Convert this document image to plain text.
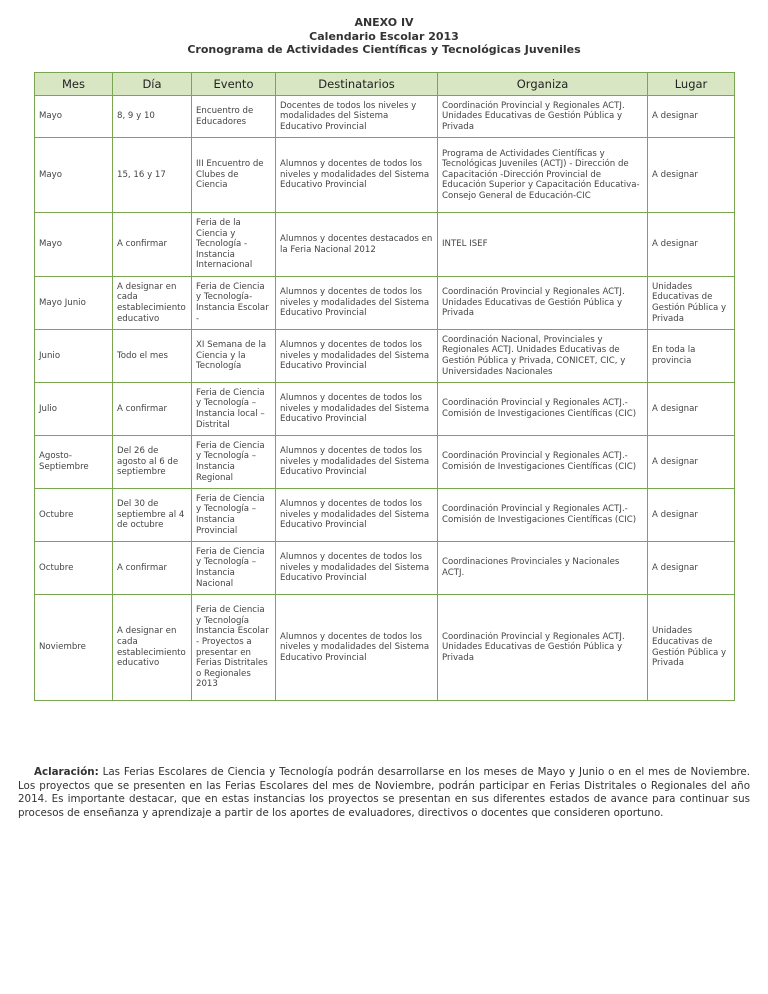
ANEXO IV
Calendario Escolar 2013
Cronograma de Actividades Científicas y Tecnológicas Juveniles
Mes	Día	Evento	Destinatarios	Organiza	Lugar
Mayo	8, 9 y 10	Encuentro de Educadores	Docentes de todos los niveles y modalidades del Sistema Educativo Provincial	Coordinación Provincial y Regionales ACTJ. Unidades Educativas de Gestión Pública y Privada	A designar
Mayo	15, 16 y 17	III Encuentro de Clubes de Ciencia	Alumnos y docentes de todos los niveles y modalidades del Sistema Educativo Provincial	Programa de Actividades Científicas y Tecnológicas Juveniles (ACTJ) - Dirección de Capacitación -Dirección Provincial de Educación Superior y Capacitación Educativa- Consejo General de Educación-CIC	A designar
Mayo	A confirmar	Feria de la Ciencia y Tecnología - Instancia Internacional	Alumnos y docentes destacados en la Feria Nacional 2012	INTEL ISEF	A designar
Mayo Junio	A designar en cada establecimiento educativo	Feria de Ciencia y Tecnología- Instancia Escolar -	Alumnos y docentes de todos los niveles y modalidades del Sistema Educativo Provincial	Coordinación Provincial y Regionales ACTJ. Unidades Educativas de Gestión Pública y Privada	Unidades Educativas de Gestión Pública y Privada
Junio	Todo el mes	XI Semana de la Ciencia y la Tecnología	Alumnos y docentes de todos los niveles y modalidades del Sistema Educativo Provincial	Coordinación Nacional, Provinciales y Regionales ACTJ. Unidades Educativas de Gestión Pública y Privada, CONICET, CIC, y Universidades Nacionales	En toda la provincia
Julio	A confirmar	Feria de Ciencia y Tecnología – Instancia local – Distrital	Alumnos y docentes de todos los niveles y modalidades del Sistema Educativo Provincial	Coordinación Provincial y Regionales ACTJ.- Comisión de Investigaciones Científicas (CIC)	A designar
Agosto- Septiembre	Del 26 de agosto al 6 de septiembre	Feria de Ciencia y Tecnología – Instancia Regional	Alumnos y docentes de todos los niveles y modalidades del Sistema Educativo Provincial	Coordinación Provincial y Regionales ACTJ.- Comisión de Investigaciones Científicas (CIC)	A designar
Octubre	Del 30 de septiembre al 4 de octubre	Feria de Ciencia y Tecnología – Instancia Provincial	Alumnos y docentes de todos los niveles y modalidades del Sistema Educativo Provincial	Coordinación Provincial y Regionales ACTJ.- Comisión de Investigaciones Científicas (CIC)	A designar
Octubre	A confirmar	Feria de Ciencia y Tecnología – Instancia Nacional	Alumnos y docentes de todos los niveles y modalidades del Sistema Educativo Provincial	Coordinaciones Provinciales y Nacionales ACTJ.	A designar
Noviembre	A designar en cada establecimiento educativo	Feria de Ciencia y Tecnología Instancia Escolar - Proyectos a presentar en Ferias Distritales o Regionales 2013	Alumnos y docentes de todos los niveles y modalidades del Sistema Educativo Provincial	Coordinación Provincial y Regionales ACTJ. Unidades Educativas de Gestión Pública y Privada	Unidades Educativas de Gestión Pública y Privada

Aclaración: Las Ferias Escolares de Ciencia y Tecnología podrán desarrollarse en los meses de Mayo y Junio o en el mes de Noviembre. Los proyectos que se presenten en las Ferias Escolares del mes de Noviembre, podrán participar en Ferias Distritales o Regionales del año 2014. Es importante destacar, que en estas instancias los proyectos se presentan en sus diferentes estados de avance para continuar sus procesos de enseñanza y aprendizaje a partir de los aportes de evaluadores, directivos o docentes que consideren oportuno.
